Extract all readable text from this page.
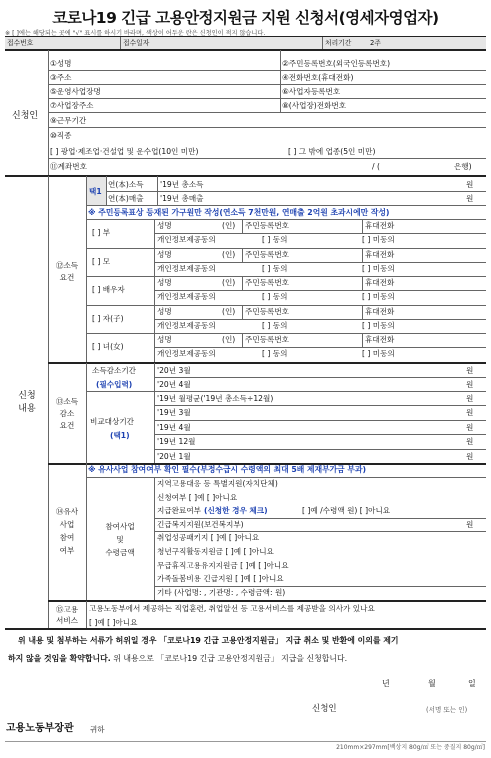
코로나19 긴급 고용안정지원금 지원 신청서(영세자영업자)
※ [ ]에는 해당되는 곳에 "√" 표시를 하시기 바라며, 색상이 어두운 란은 신청인이 적지 않습니다.
접수번호	접수일자	처리기간	2주
신청인
①성명	②주민등록번호(외국인등록번호)
③주소	④전화번호(휴대전화)
⑤운영사업장명	⑥사업자등록번호
⑦사업장주소	⑧(사업장)전화번호
⑨근무기간
⑩직종
[ ] 광업·제조업·건설업 및 운수업(10인 미만)	[ ] 그 밖에 업종(5인 미만)
⑪계좌번호	/ (	은행)
신청
내용
⑫소득
요건
택1
연(本)소득 '19년 총소득	원
연(本)매출 '19년 총매출	원
※ 주민등록표상 등재된 가구원만 작성(연소득 7천만원, 연매출 2억원 초과시에만 작성)
[ ] 부
성명	(인) 주민등록번호	휴대전화
개인정보제공동의	[ ] 동의	[ ] 미동의
[ ] 모
성명	(인) 주민등록번호	휴대전화
개인정보제공동의	[ ] 동의	[ ] 미동의
[ ] 배우자
성명	(인) 주민등록번호	휴대전화
개인정보제공동의	[ ] 동의	[ ] 미동의
[ ] 자(子)
성명	(인) 주민등록번호	휴대전화
개인정보제공동의	[ ] 동의	[ ] 미동의
[ ] 녀(女)
성명	(인) 주민등록번호	휴대전화
개인정보제공동의	[ ] 동의	[ ] 미동의
⑬소득
감소
요건
소득감소기간
(필수입력)
비교대상기간
(택1)
'20년 3월	원
'20년 4월	원
'19년 월평균('19년 총소득÷12월)	원
'19년 3월	원
'19년 4월	원
'19년 12월	원
'20년 1월	원
※ 유사사업 참여여부 확인 필수(부정수급시 수령액의 최대 5배 제재부가금 부과)
⑭유사
사업
참여
여부
참여사업
및
수령금액
지역고용대응 등 특별지원(자치단체)
신청여부 [ ]예 [ ]아니요
지급완료여부 (신청한 경우 체크)	[ ]예 /수령액 원) [ ]아니요
긴급복지지원(보건복지부)	원
취업성공패키지 [ ]예 [ ]아니요
청년구직활동지원금 [ ]예 [ ]아니요
무급휴직고용유지지원금 [ ]예 [ ]아니요
가족돌봄비용 긴급지원 [ ]예 [ ]아니요
기타 (사업명: , 기관명: , 수령금액: 원)
⑮고용
서비스
고용노동부에서 제공하는 직업훈련, 취업알선 등 고용서비스를 제공받을 의사가 있나요
[ ]예 [ ]아니요
위 내용 및 첨부하는 서류가 허위일 경우 「코로나19 긴급 고용안정지원금」 지급 취소 및 반환에 이의를 제기
하지 않을 것임을 확약합니다. 위 내용으로 「코로나19 긴급 고용안정지원금」 지급을 신청합니다.
년	월	일
신청인	(서명 또는 인)
고용노동부장관 귀하
210mm×297mm[백상지 80g/㎡ 또는 중질지 80g/㎡]
